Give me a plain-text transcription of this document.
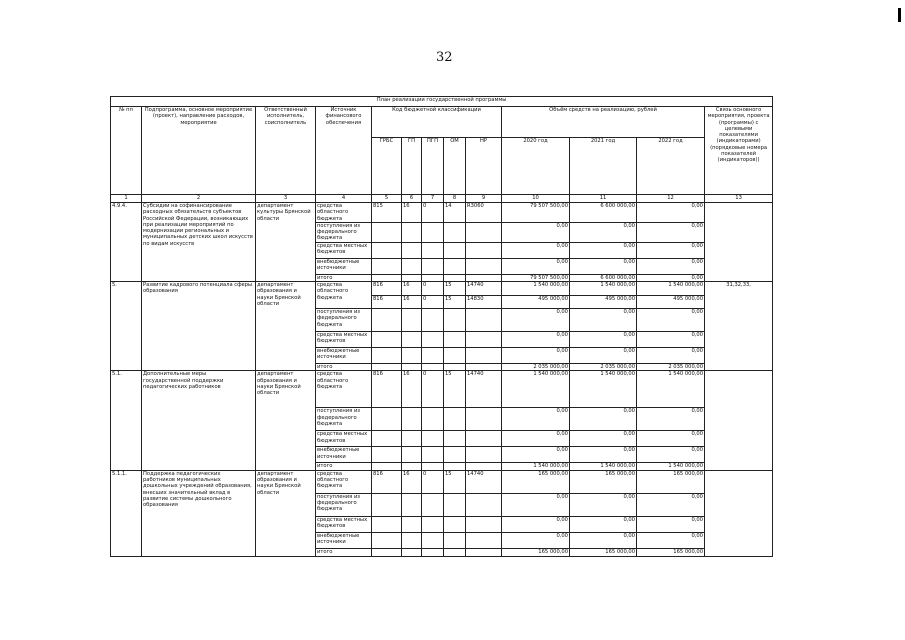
32
План реализации государственной программы												
№ пп	Подпрограмма, основное мероприятие (проект), направление расходов, мероприятие	Ответственный исполнитель, соисполнитель	Источник финансового обеспечения	Код бюджетной классификации					Объём средств на реализацию, рублей			Связь основного мероприятия, проекта (программы) с целевыми показателями (индикаторами) (порядковые номера показателей (индикаторов))
				ГРБС	ГП	ПГП	ОМ	НР	2020 год	2021 год	2022 год	
1	2	3	4	5	6	7	8	9	10	11	12	13
4.9.4.	Субсидии на софинансирование расходных обязательств субъектов Российской Федерации, возникающих при реализации мероприятий по модернизации региональных и муниципальных детских школ искусств по видам искусств	департамент культуры Брянской области	средства областного бюджета	815	16	0	14	R3060	79 507 500,00	6 600 000,00	0,00	
			поступления из федерального бюджета						0,00	0,00	0,00	
			средства местных бюджетов						0,00	0,00	0,00	
			внебюджетные источники						0,00	0,00	0,00	
			итого						79 507 500,00	6 600 000,00	0,00	
5.	Развитие кадрового потенциала сферы образования	департамент образования и науки Брянской области	средства областного бюджета	816	16	0	15	14740	1 540 000,00	1 540 000,00	1 540 000,00	31,32,33,
				816	16	0	15	14830	495 000,00	495 000,00	495 000,00	
			поступления из федерального бюджета						0,00	0,00	0,00	
			средства местных бюджетов						0,00	0,00	0,00	
			внебюджетные источники						0,00	0,00	0,00	
			итого						2 035 000,00	2 035 000,00	2 035 000,00	
5.1.	Дополнительные меры государственной поддержки педагогических работников	департамент образования и науки Брянской области	средства областного бюджета	816	16	0	15	14740	1 540 000,00	1 540 000,00	1 540 000,00	
			поступления из федерального бюджета						0,00	0,00	0,00	
			средства местных бюджетов						0,00	0,00	0,00	
			внебюджетные источники						0,00	0,00	0,00	
			итого						1 540 000,00	1 540 000,00	1 540 000,00	
5.1.1.	Поддержка педагогических работников муниципальных дошкольных учреждений образования, внесших значительный вклад в развитие системы дошкольного образования	департамент образования и науки Брянской области	средства областного бюджета	816	16	0	15	14740	165 000,00	165 000,00	165 000,00	
			поступления из федерального бюджета						0,00	0,00	0,00	
			средства местных бюджетов						0,00	0,00	0,00	
			внебюджетные источники						0,00	0,00	0,00	
			итого						165 000,00	165 000,00	165 000,00	
